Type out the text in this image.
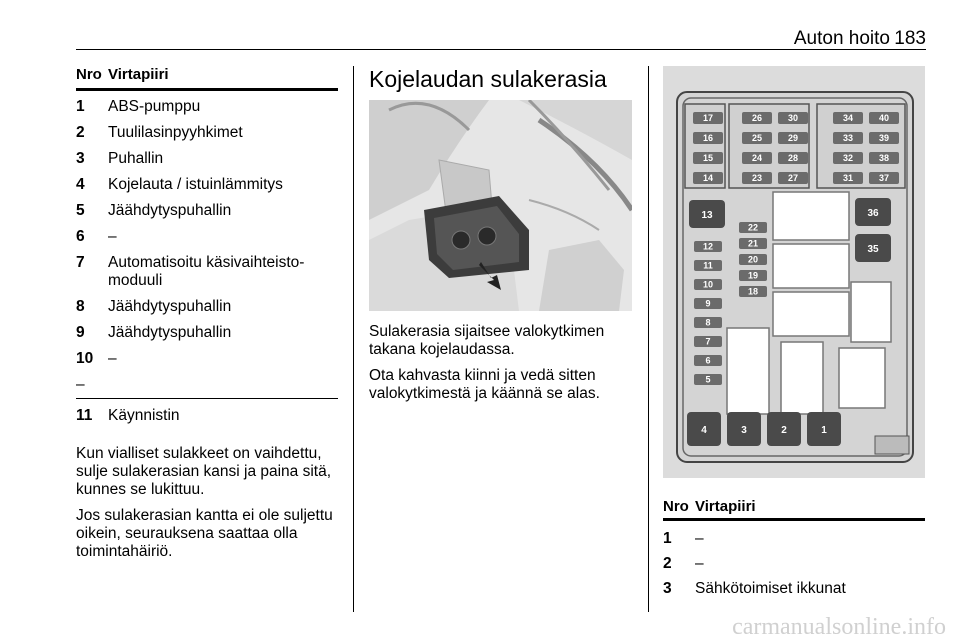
Auton hoito 183
Nro Virtapiiri
1	ABS-pumppu
2	Tuulilasinpyyhkimet
3	Puhallin
4	Kojelauta / istuinlämmitys
5	Jäähdytyspuhallin
6	–
7	Automatisoitu käsivaihteisto-
moduuli
8	Jäähdytyspuhallin
9	Jäähdytyspuhallin
10 –
–
11	Käynnistin

Kun vialliset sulakkeet on vaihdettu, sulje sulakerasian kansi ja paina sitä, kunnes se lukittuu.

Jos sulakerasian kantta ei ole suljettu oikein, seurauksena saattaa olla toimintahäiriö.

Kojelaudan sulakerasia

Sulakerasia sijaitsee valokytkimen takana kojelaudassa.

Ota kahvasta kiinni ja vedä sitten valokytkimestä ja käännä se alas.

17
16
15
14
26
25
24
23
30
29
28
27
34
33
32
31
40
39
38
37
13	36
35
22
21
20
19
18
12
11
10
9
8
7
6
5
4	3	2	1
Nro Virtapiiri
1	–
2	–
3	Sähkötoimiset ikkunat
carmanualsonline.info
